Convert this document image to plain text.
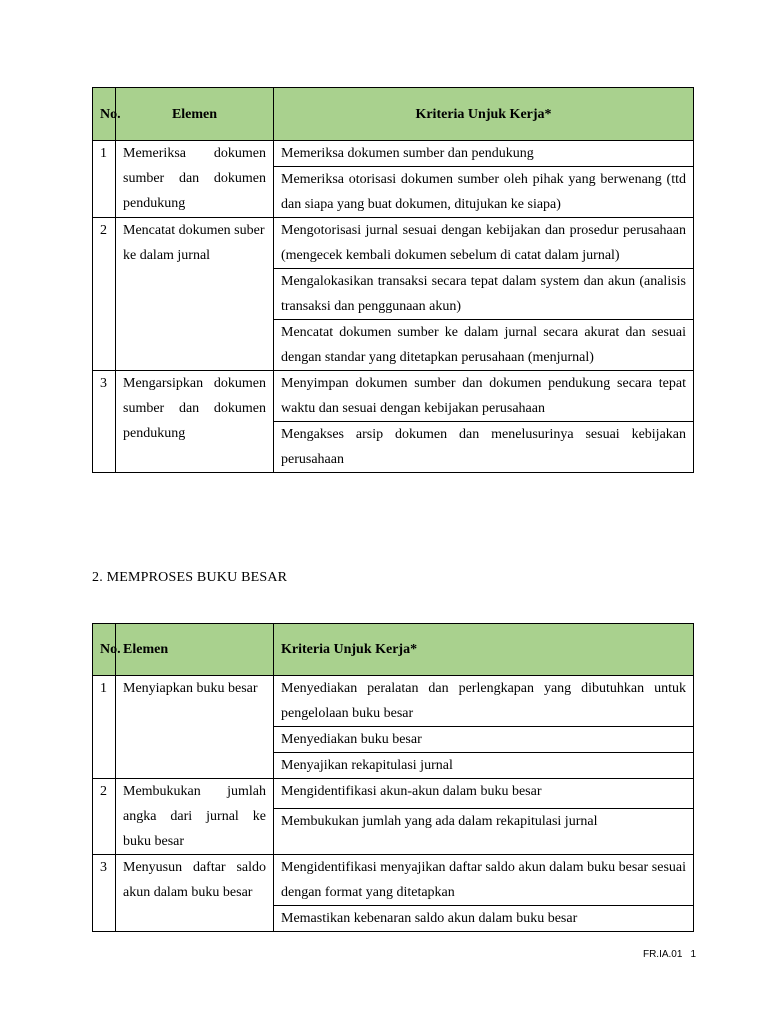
No.	Elemen	Kriteria Unjuk Kerja*
1	Memeriksa dokumen sumber dan dokumen pendukung	Memeriksa dokumen sumber dan pendukung
		Memeriksa otorisasi dokumen sumber oleh pihak yang berwenang (ttd dan siapa yang buat dokumen, ditujukan ke siapa)
2	Mencatat dokumen suber ke dalam jurnal	Mengotorisasi jurnal sesuai dengan kebijakan dan prosedur perusahaan (mengecek kembali dokumen sebelum di catat dalam jurnal)
		Mengalokasikan transaksi secara tepat dalam system dan akun (analisis transaksi dan penggunaan akun)
		Mencatat dokumen sumber ke dalam jurnal secara akurat dan sesuai dengan standar yang ditetapkan perusahaan (menjurnal)
3	Mengarsipkan dokumen sumber dan dokumen pendukung	Menyimpan dokumen sumber dan dokumen pendukung secara tepat waktu dan sesuai dengan kebijakan perusahaan
		Mengakses arsip dokumen dan menelusurinya sesuai kebijakan perusahaan
2. MEMPROSES BUKU BESAR
No.	Elemen	Kriteria Unjuk Kerja*
1	Menyiapkan buku besar	Menyediakan peralatan dan perlengkapan yang dibutuhkan untuk pengelolaan buku besar
		Menyediakan buku besar
		Menyajikan rekapitulasi jurnal
2	Membukukan jumlah angka dari jurnal ke buku besar	Mengidentifikasi akun-akun dalam buku besar
		Membukukan jumlah yang ada dalam rekapitulasi jurnal
3	Menyusun daftar saldo akun dalam buku besar	Mengidentifikasi menyajikan daftar saldo akun dalam buku besar sesuai dengan format yang ditetapkan
		Memastikan kebenaran saldo akun dalam buku besar
FR.IA.01 1
